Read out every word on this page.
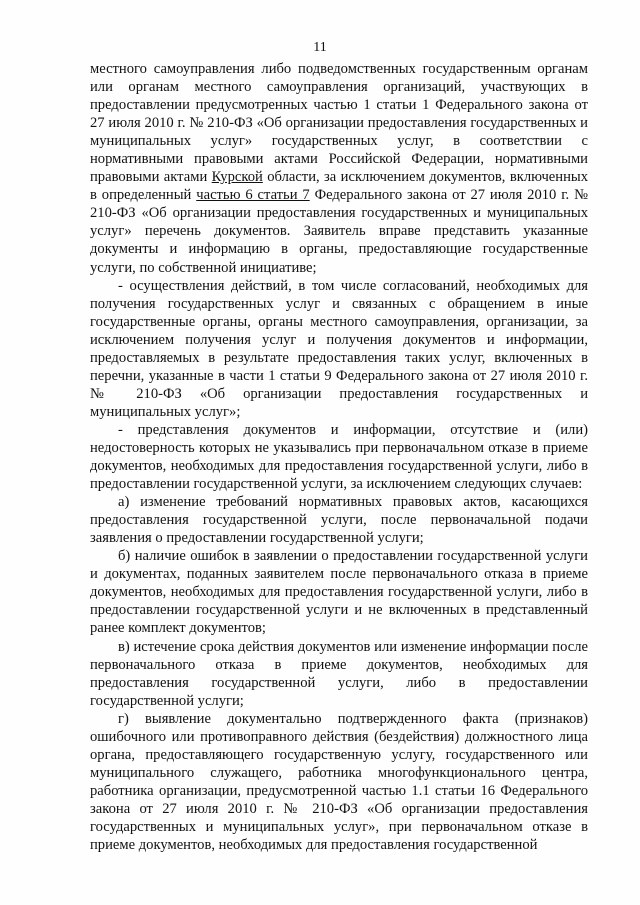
11

местного самоуправления либо подведомственных государственным органам или органам местного самоуправления организаций, участвующих в предоставлении предусмотренных частью 1 статьи 1 Федерального закона от 27 июля 2010 г. № 210-ФЗ «Об организации предоставления государственных и муниципальных услуг» государственных услуг, в соответствии с нормативными правовыми актами Российской Федерации, нормативными правовыми актами Курской области, за исключением документов, включенных в определенный частью 6 статьи 7 Федерального закона от 27 июля 2010 г. № 210-ФЗ «Об организации предоставления государственных и муниципальных услуг» перечень документов. Заявитель вправе представить указанные документы и информацию в органы, предоставляющие государственные услуги, по собственной инициативе;

- осуществления действий, в том числе согласований, необходимых для получения государственных услуг и связанных с обращением в иные государственные органы, органы местного самоуправления, организации, за исключением получения услуг и получения документов и информации, предоставляемых в результате предоставления таких услуг, включенных в перечни, указанные в части 1 статьи 9 Федерального закона от 27 июля 2010 г. № 210-ФЗ «Об организации предоставления государственных и муниципальных услуг»;

- представления документов и информации, отсутствие и (или) недостоверность которых не указывались при первоначальном отказе в приеме документов, необходимых для предоставления государственной услуги, либо в предоставлении государственной услуги, за исключением следующих случаев:

а) изменение требований нормативных правовых актов, касающихся предоставления государственной услуги, после первоначальной подачи заявления о предоставлении государственной услуги;

б) наличие ошибок в заявлении о предоставлении государственной услуги и документах, поданных заявителем после первоначального отказа в приеме документов, необходимых для предоставления государственной услуги, либо в предоставлении государственной услуги и не включенных в представленный ранее комплект документов;

в) истечение срока действия документов или изменение информации после первоначального отказа в приеме документов, необходимых для предоставления государственной услуги, либо в предоставлении государственной услуги;

г) выявление документально подтвержденного факта (признаков) ошибочного или противоправного действия (бездействия) должностного лица органа, предоставляющего государственную услугу, государственного или муниципального служащего, работника многофункционального центра, работника организации, предусмотренной частью 1.1 статьи 16 Федерального закона от 27 июля 2010 г. № 210-ФЗ «Об организации предоставления государственных и муниципальных услуг», при первоначальном отказе в приеме документов, необходимых для предоставления государственной
